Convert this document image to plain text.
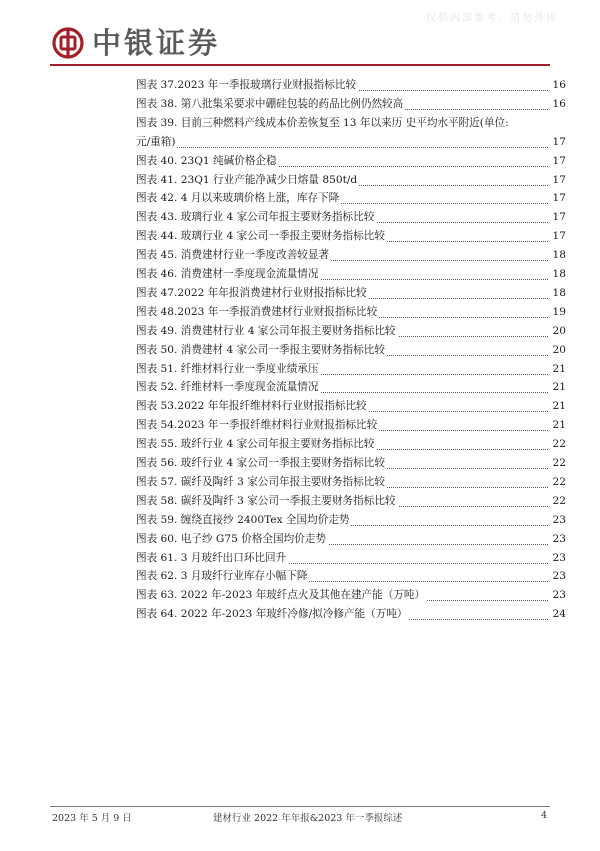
中银证券
仅供内部参考，请勿外传
图表 37.2023 年一季报玻璃行业财报指标比较	16
图表 38. 第八批集采要求中硼硅包装的药品比例仍然较高	16
图表 39. 目前三种燃料产线成本价差恢复至 13 年以来历 史平均水平附近(单位:
元/重箱)	17
图表 40. 23Q1 纯碱价格企稳	17
图表 41. 23Q1 行业产能净减少日熔量 850t/d	17
图表 42. 4 月以来玻璃价格上涨，库存下降	17
图表 43. 玻璃行业 4 家公司年报主要财务指标比较	17
图表 44. 玻璃行业 4 家公司一季报主要财务指标比较	17
图表 45. 消费建材行业一季度改善较显著	18
图表 46. 消费建材一季度现金流量情况	18
图表 47.2022 年年报消费建材行业财报指标比较	18
图表 48.2023 年一季报消费建材行业财报指标比较	19
图表 49. 消费建材行业 4 家公司年报主要财务指标比较	20
图表 50. 消费建材 4 家公司一季报主要财务指标比较	20
图表 51. 纤维材料行业一季度业绩承压	21
图表 52. 纤维材料一季度现金流量情况	21
图表 53.2022 年年报纤维材料行业财报指标比较	21
图表 54.2023 年一季报纤维材料行业财报指标比较	21
图表 55. 玻纤行业 4 家公司年报主要财务指标比较	22
图表 56. 玻纤行业 4 家公司一季报主要财务指标比较	22
图表 57. 碳纤及陶纤 3 家公司年报主要财务指标比较	22
图表 58. 碳纤及陶纤 3 家公司一季报主要财务指标比较	22
图表 59. 缠绕直接纱 2400Tex 全国均价走势	23
图表 60. 电子纱 G75 价格全国均价走势	23
图表 61. 3 月玻纤出口环比回升	23
图表 62. 3 月玻纤行业库存小幅下降	23
图表 63. 2022 年-2023 年玻纤点火及其他在建产能（万吨）	23
图表 64. 2022 年-2023 年玻纤冷修/拟冷修产能（万吨）	24
2023 年 5 月 9 日	建材行业 2022 年年报&2023 年一季报综述	4
